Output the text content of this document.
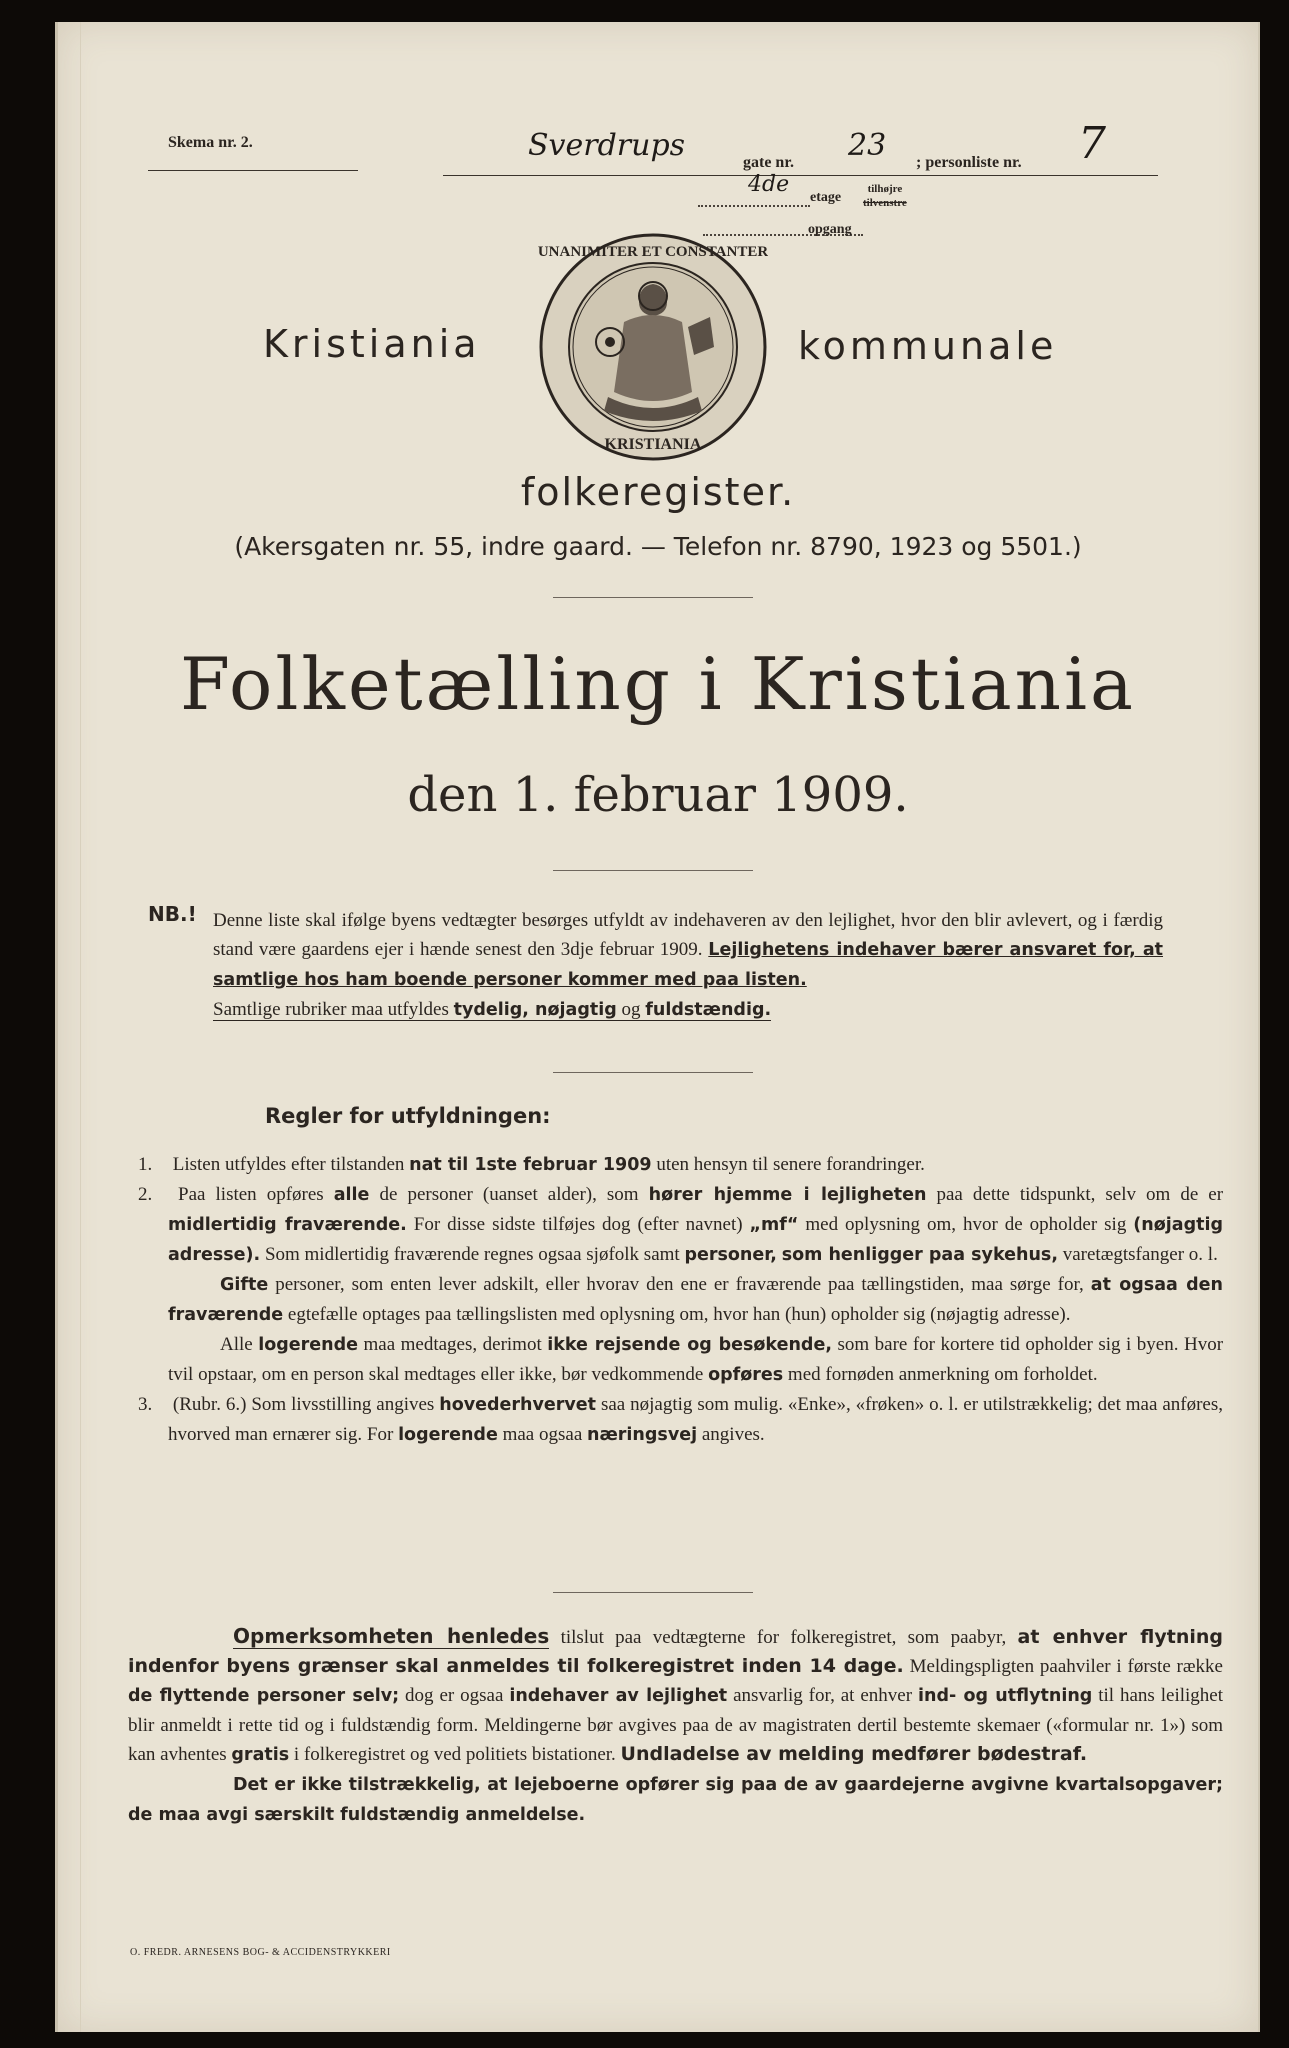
Skema nr. 2.	Sverdrups	gate nr. 23 ; personliste nr. 7
4de
etage
tilhøjre
tilvenstre
opgang
Kristiania
UNANIMITER ET CONSTANTER
KRISTIANIA
kommunale
folkeregister.
(Akersgaten nr. 55, indre gaard. — Telefon nr. 8790, 1923 og 5501.)
Folketælling i Kristiania
den 1. februar 1909.
NB.! Denne liste skal ifølge byens vedtægter besørges utfyldt av indehaveren av den lejlighet, hvor den blir avlevert, og i færdig stand være gaardens ejer i hænde senest den 3dje februar 1909. Lejlighetens indehaver bærer ansvaret for, at samtlige hos ham boende personer kommer med paa listen.
Samtlige rubriker maa utfyldes tydelig, nøjagtig og fuldstændig.
Regler for utfyldningen:
1. Listen utfyldes efter tilstanden nat til 1ste februar 1909 uten hensyn til senere forandringer.
2. Paa listen opføres alle de personer (uanset alder), som hører hjemme i lejligheten paa dette tidspunkt, selv om de er midlertidig fraværende. For disse sidste tilføjes dog (efter navnet) „mf“ med oplysning om, hvor de opholder sig (nøjagtig adresse). Som midlertidig fraværende regnes ogsaa sjøfolk samt personer, som henligger paa sykehus, varetægtsfanger o. l.
Gifte personer, som enten lever adskilt, eller hvorav den ene er fraværende paa tællingstiden, maa sørge for, at ogsaa den fraværende egtefælle optages paa tællingslisten med oplysning om, hvor han (hun) opholder sig (nøjagtig adresse).
Alle logerende maa medtages, derimot ikke rejsende og besøkende, som bare for kortere tid opholder sig i byen. Hvor tvil opstaar, om en person skal medtages eller ikke, bør vedkommende opføres med fornøden anmerkning om forholdet.
3. (Rubr. 6.) Som livsstilling angives hovederhvervet saa nøjagtig som mulig. «Enke», «frøken» o. l. er utilstrækkelig; det maa anføres, hvorved man ernærer sig. For logerende maa ogsaa næringsvej angives.
Opmerksomheten henledes tilslut paa vedtægterne for folkeregistret, som paabyr, at enhver flytning indenfor byens grænser skal anmeldes til folkeregistret inden 14 dage. Meldingspligten paahviler i første række de flyttende personer selv; dog er ogsaa indehaver av lejlighet ansvarlig for, at enhver ind- og utflytning til hans leilighet blir anmeldt i rette tid og i fuldstændig form. Meldingerne bør avgives paa de av magistraten dertil bestemte skemaer («formular nr. 1») som kan avhentes gratis i folkeregistret og ved politiets bistationer. Undladelse av melding medfører bødestraf.
Det er ikke tilstrækkelig, at lejeboerne opfører sig paa de av gaardejerne avgivne kvartalsopgaver; de maa avgi særskilt fuldstændig anmeldelse.
O. FREDR. ARNESENS BOG- & ACCIDENSTRYKKERI
